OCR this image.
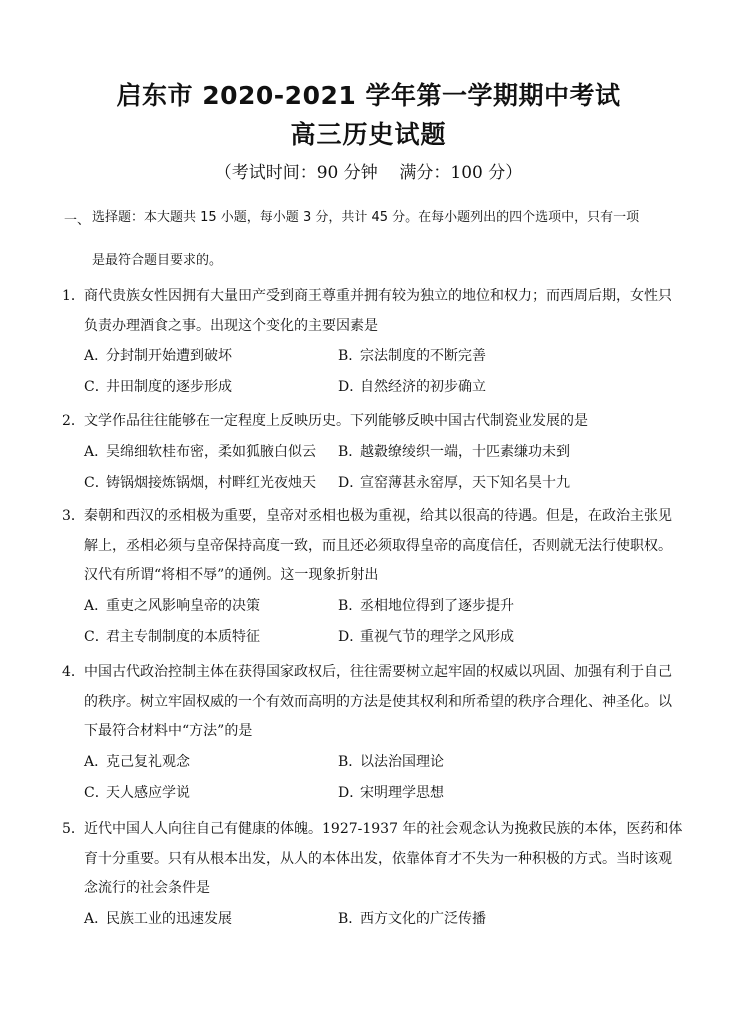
启东市 2020-2021 学年第一学期期中考试
高三历史试题
（考试时间：90 分钟    满分：100 分）
一、 选择题：本大题共 15 小题，每小题 3 分，共计 45 分。在每小题列出的四个选项中，只有一项
是最符合题目要求的。
1． 商代贵族女性因拥有大量田产受到商王尊重并拥有较为独立的地位和权力；而西周后期，女性只
负责办理酒食之事。出现这个变化的主要因素是
A．分封制开始遭到破坏	B．宗法制度的不断完善
C．井田制度的逐步形成	D．自然经济的初步确立
2． 文学作品往往能够在一定程度上反映历史。下列能够反映中国古代制瓷业发展的是
A．吴绵细软桂布密，柔如狐腋白似云	B．越縠缭绫织一端，十匹素缣功未到
C．铸锅烟接炼锅烟，村畔红光夜烛天	D．宣窑薄甚永窑厚，天下知名昊十九
3． 秦朝和西汉的丞相极为重要，皇帝对丞相也极为重视，给其以很高的待遇。但是，在政治主张见
解上，丞相必须与皇帝保持高度一致，而且还必须取得皇帝的高度信任，否则就无法行使职权。
汉代有所谓“将相不辱”的通例。这一现象折射出
A．重吏之风影响皇帝的决策	B．丞相地位得到了逐步提升
C．君主专制制度的本质特征	D．重视气节的理学之风形成
4． 中国古代政治控制主体在获得国家政权后，往往需要树立起牢固的权威以巩固、加强有利于自己
的秩序。树立牢固权威的一个有效而高明的方法是使其权利和所希望的秩序合理化、神圣化。以
下最符合材料中“方法”的是
A．克己复礼观念	B．以法治国理论
C．天人感应学说	D．宋明理学思想
5． 近代中国人人向往自己有健康的体魄。1927-1937 年的社会观念认为挽救民族的本体，医药和体
育十分重要。只有从根本出发，从人的本体出发，依靠体育才不失为一种积极的方式。当时该观
念流行的社会条件是
A．民族工业的迅速发展	B．西方文化的广泛传播
